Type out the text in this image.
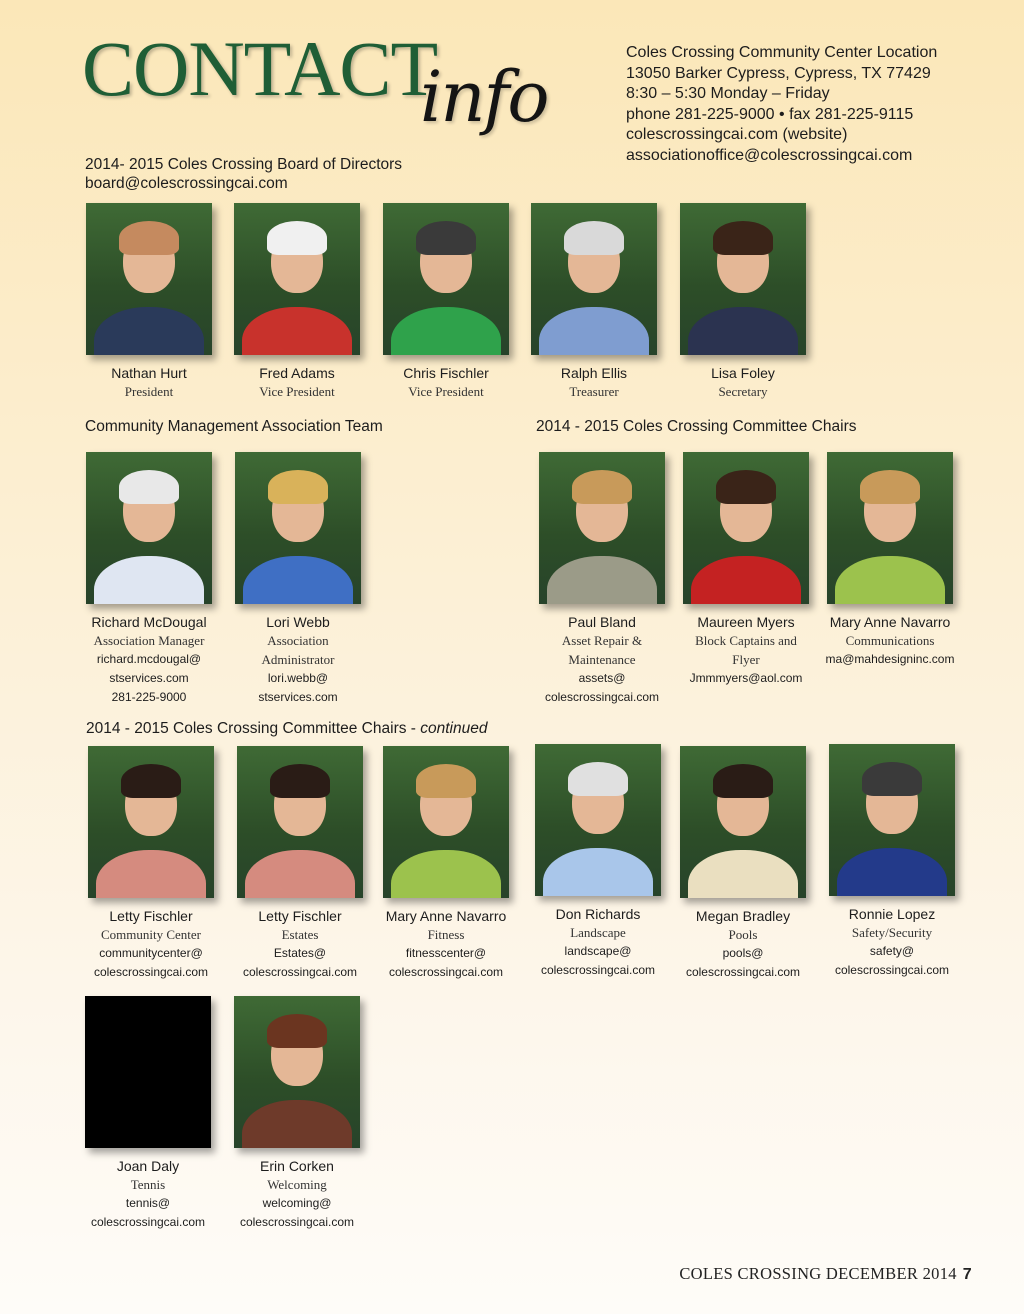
CONTACT
info
Coles Crossing Community Center Location
13050 Barker Cypress, Cypress, TX 77429
8:30 – 5:30 Monday – Friday
phone 281-225-9000 • fax 281-225-9115
colescrossingcai.com (website)
associationoffice@colescrossingcai.com
2014- 2015 Coles Crossing Board of Directors
board@colescrossingcai.com
Community Management Association Team	2014 - 2015 Coles Crossing Committee Chairs
2014 - 2015 Coles Crossing Committee Chairs - continued
Nathan Hurt
President
Fred Adams
Vice President
Chris Fischler
Vice President
Ralph Ellis
Treasurer
Lisa Foley
Secretary
Richard McDougal
Association Manager
richard.mcdougal@
stservices.com
281-225-9000
Lori Webb
Association
Administrator
lori.webb@
stservices.com
Paul Bland
Asset Repair &
Maintenance
assets@
colescrossingcai.com
Maureen Myers
Block Captains and
Flyer
Jmmmyers@aol.com
Mary Anne Navarro
Communications
ma@mahdesigninc.com
Letty Fischler
Community Center
communitycenter@
colescrossingcai.com
Letty Fischler
Estates
Estates@
colescrossingcai.com
Mary Anne Navarro
Fitness
fitnesscenter@
colescrossingcai.com
Don Richards
Landscape
landscape@
colescrossingcai.com
Megan Bradley
Pools
pools@
colescrossingcai.com
Ronnie Lopez
Safety/Security
safety@
colescrossingcai.com
Joan Daly
Tennis
tennis@
colescrossingcai.com
Erin Corken
Welcoming
welcoming@
colescrossingcai.com
COLES CROSSING DECEMBER 2014 7
